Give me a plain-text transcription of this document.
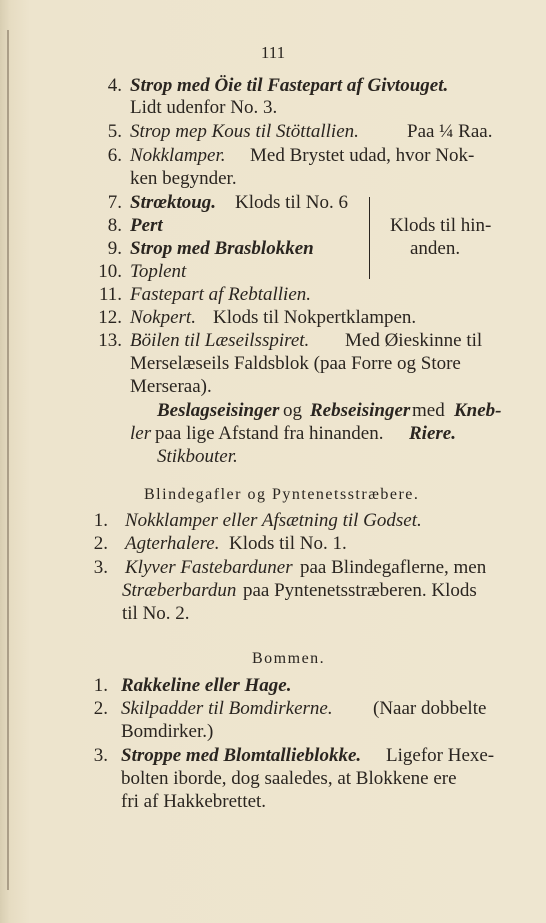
111
4. Strop med Öie til Fastepart af Givtouget.
Lidt udenfor No. 3.
5. Strop mep Kous til Stöttallien.	Paa ¼ Raa.
6. Nokklamper. Med Brystet udad, hvor Nok-
ken begynder.
7. Strœktoug. Klods til No. 6
8. Pert	Klods til hin-
9. Strop med Brasblokken	anden.
10. Toplent
11. Fastepart af Rebtallien.
12. Nokpert. Klods til Nokpertklampen.
13. Böilen til Læseilsspiret. Med Øieskinne til
Merselæseils Faldsblok (paa Forre og Store
Merseraa).
Beslagseisinger og Rebseisinger med Kneb-
ler paa lige Afstand fra hinanden. Riere.
Stikbouter.
Blindegafler og Pyntenetsstræbere.
1. Nokklamper eller Afsætning til Godset.
2. Agterhalere. Klods til No. 1.
3. Klyver Fastebarduner paa Blindegaflerne, men
Stræberbardun paa Pyntenetsstræberen. Klods
til No. 2.
Bommen.
1. Rakkeline eller Hage.
2. Skilpadder til Bomdirkerne. (Naar dobbelte
Bomdirker.)
3. Stroppe med Blomtallieblokke. Ligefor Hexe-
bolten iborde, dog saaledes, at Blokkene ere
fri af Hakkebrettet.
